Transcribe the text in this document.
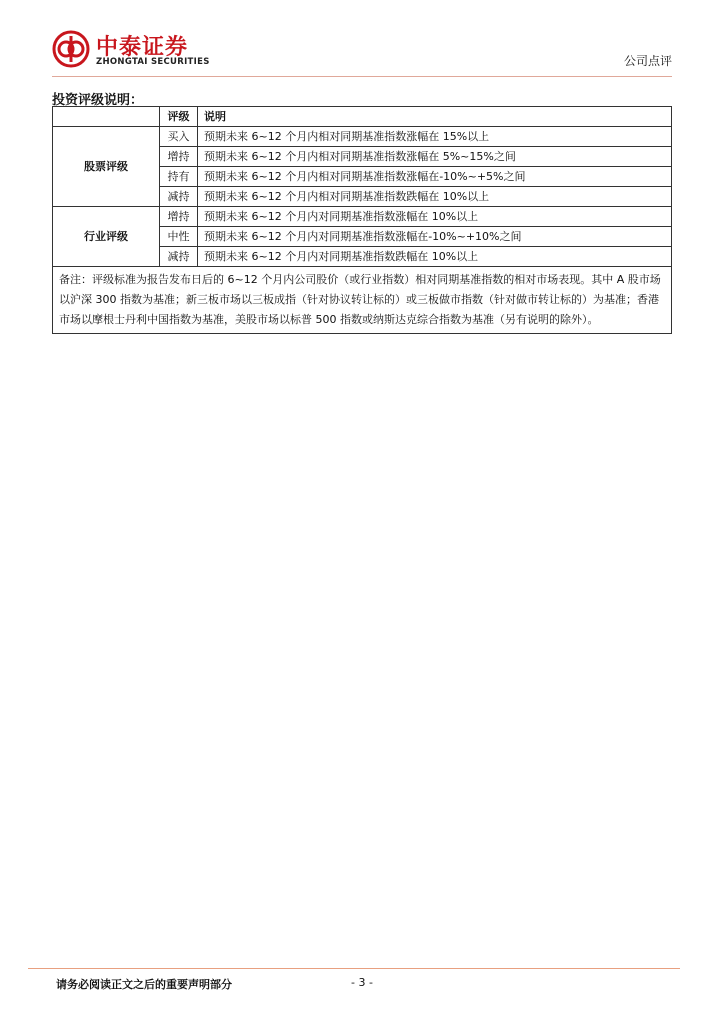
中泰证券
ZHONGTAI SECURITIES	公司点评
投资评级说明：
	评级	说明
股票评级	买入	预期未来 6~12 个月内相对同期基准指数涨幅在 15%以上
	增持	预期未来 6~12 个月内相对同期基准指数涨幅在 5%~15%之间
	持有	预期未来 6~12 个月内相对同期基准指数涨幅在-10%~+5%之间
	减持	预期未来 6~12 个月内相对同期基准指数跌幅在 10%以上
行业评级	增持	预期未来 6~12 个月内对同期基准指数涨幅在 10%以上
	中性	预期未来 6~12 个月内对同期基准指数涨幅在-10%~+10%之间
	减持	预期未来 6~12 个月内对同期基准指数跌幅在 10%以上
备注：评级标准为报告发布日后的 6~12 个月内公司股价（或行业指数）相对同期基准指数的相对市场表现。其中 A 股市场以沪深 300 指数为基准；新三板市场以三板成指（针对协议转让标的）或三板做市指数（针对做市转让标的）为基准；香港市场以摩根士丹利中国指数为基准，美股市场以标普 500 指数或纳斯达克综合指数为基准（另有说明的除外）。		
请务必阅读正文之后的重要声明部分	- 3 -
